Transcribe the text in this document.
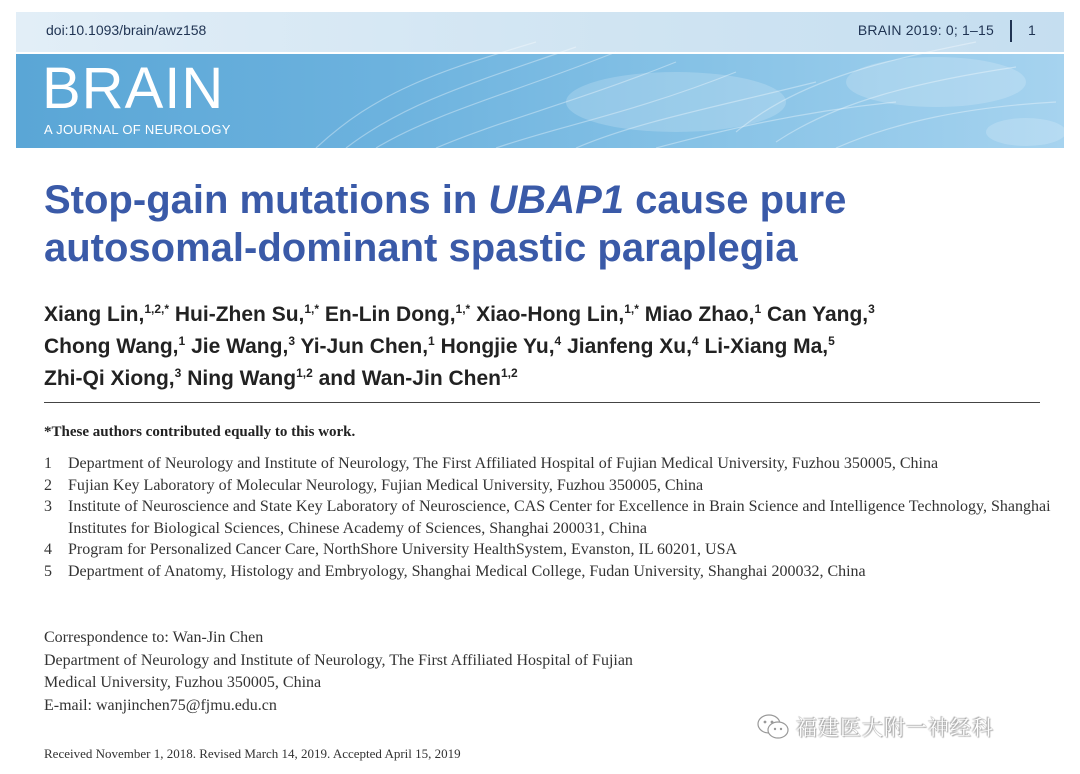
doi:10.1093/brain/awz158	BRAIN 2019: 0; 1–15 1
BRAIN
A JOURNAL OF NEUROLOGY
Stop-gain mutations in UBAP1 cause pure
autosomal-dominant spastic paraplegia
Xiang Lin,$^{1,2,*}$ Hui-Zhen Su,$^{1,*}$ En-Lin Dong,$^{1,*}$ Xiao-Hong Lin,$^{1,*}$ Miao Zhao,$^1$ Can Yang,$^3$
Chong Wang,$^1$ Jie Wang,$^3$ Yi-Jun Chen,$^1$ Hongjie Yu,$^4$ Jianfeng Xu,$^4$ Li-Xiang Ma,$^5$
Zhi-Qi Xiong,$^3$ Ning Wang$^{1,2}$ and Wan-Jin Chen$^{1,2}$
*These authors contributed equally to this work.
1	Department of Neurology and Institute of Neurology, The First Affiliated Hospital of Fujian Medical University, Fuzhou 350005, China
2	Fujian Key Laboratory of Molecular Neurology, Fujian Medical University, Fuzhou 350005, China
3	Institute of Neuroscience and State Key Laboratory of Neuroscience, CAS Center for Excellence in Brain Science and Intelligence Technology, Shanghai Institutes for Biological Sciences, Chinese Academy of Sciences, Shanghai 200031, China
4	Program for Personalized Cancer Care, NorthShore University HealthSystem, Evanston, IL 60201, USA
5	Department of Anatomy, Histology and Embryology, Shanghai Medical College, Fudan University, Shanghai 200032, China
Correspondence to: Wan-Jin Chen
Department of Neurology and Institute of Neurology, The First Affiliated Hospital of Fujian
Medical University, Fuzhou 350005, China
E-mail: wanjinchen75@fjmu.edu.cn
Received November 1, 2018. Revised March 14, 2019. Accepted April 15, 2019
福建医大附一神经科
